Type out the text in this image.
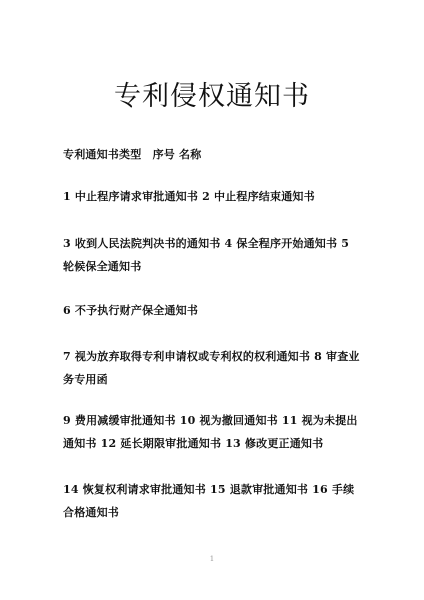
专利侵权通知书

专利通知书类型　序号 名称

1 中止程序请求审批通知书 2 中止程序结束通知书

3 收到人民法院判决书的通知书 4 保全程序开始通知书 5 轮候保全通知书

6 不予执行财产保全通知书

7 视为放弃取得专利申请权或专利权的权利通知书 8 审查业务专用函

9 费用减缓审批通知书 10 视为撤回通知书 11 视为未提出通知书 12 延长期限审批通知书 13 修改更正通知书

14 恢复权利请求审批通知书 15 退款审批通知书 16 手续合格通知书

1
